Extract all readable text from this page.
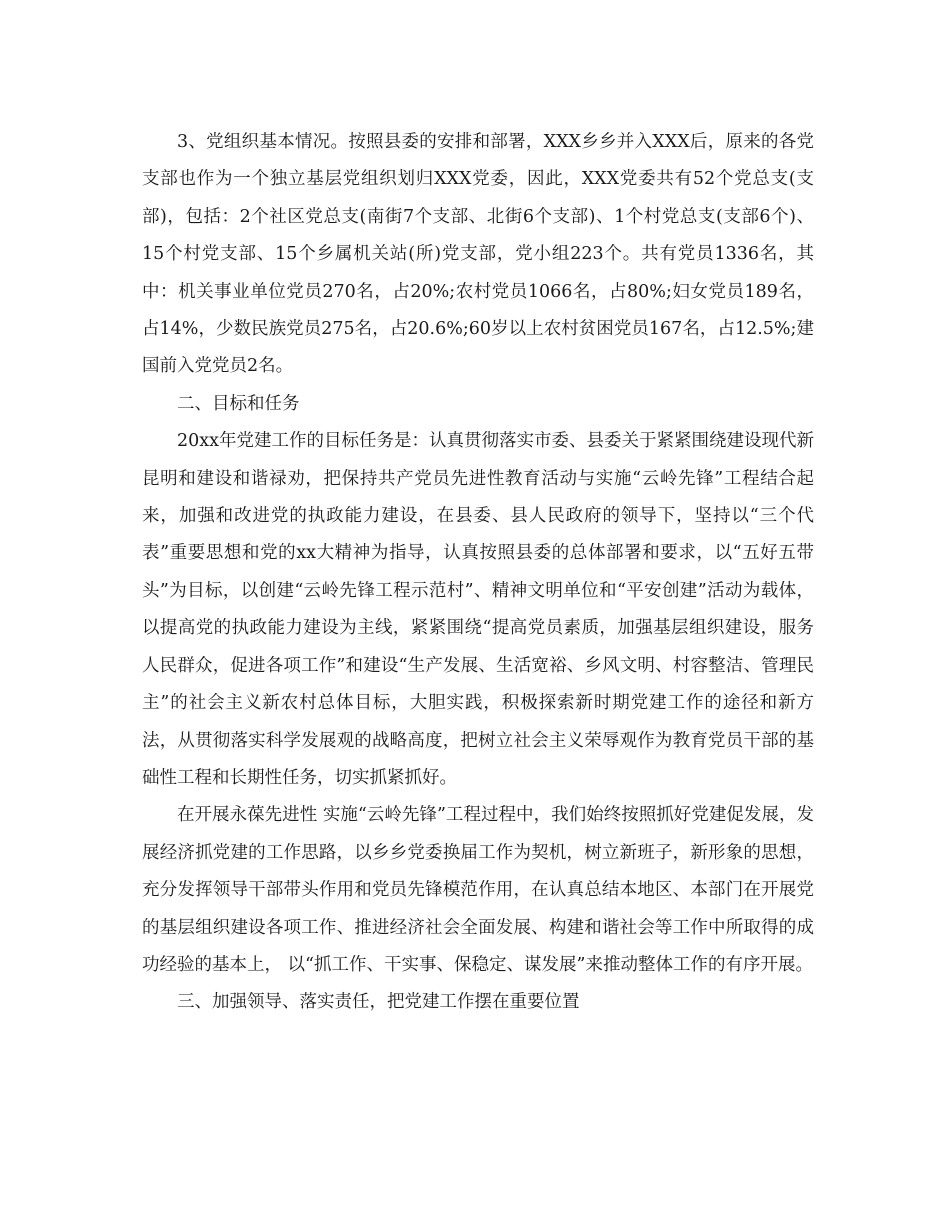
3、党组织基本情况。按照县委的安排和部署，XXX乡乡并入XXX后，原来的各党支部也作为一个独立基层党组织划归XXX党委，因此，XXX党委共有52个党总支(支部)，包括：2个社区党总支(南街7个支部、北街6个支部)、1个村党总支(支部6个)、15个村党支部、15个乡属机关站(所)党支部，党小组223个。共有党员1336名，其中：机关事业单位党员270名，占20%;农村党员1066名，占80%;妇女党员189名，占14%，少数民族党员275名，占20.6%;60岁以上农村贫困党员167名，占12.5%;建国前入党党员2名。

二、目标和任务

20xx年党建工作的目标任务是：认真贯彻落实市委、县委关于紧紧围绕建设现代新昆明和建设和谐禄劝，把保持共产党员先进性教育活动与实施“云岭先锋”工程结合起来，加强和改进党的执政能力建设，在县委、县人民政府的领导下，坚持以“三个代表”重要思想和党的xx大精神为指导，认真按照县委的总体部署和要求，以“五好五带头”为目标，以创建“云岭先锋工程示范村”、精神文明单位和“平安创建”活动为载体，以提高党的执政能力建设为主线，紧紧围绕“提高党员素质，加强基层组织建设，服务人民群众，促进各项工作”和建设“生产发展、生活宽裕、乡风文明、村容整洁、管理民主”的社会主义新农村总体目标，大胆实践，积极探索新时期党建工作的途径和新方法，从贯彻落实科学发展观的战略高度，把树立社会主义荣辱观作为教育党员干部的基础性工程和长期性任务，切实抓紧抓好。

在开展永葆先进性 实施“云岭先锋”工程过程中，我们始终按照抓好党建促发展，发展经济抓党建的工作思路，以乡乡党委换届工作为契机，树立新班子，新形象的思想，充分发挥领导干部带头作用和党员先锋模范作用，在认真总结本地区、本部门在开展党的基层组织建设各项工作、推进经济社会全面发展、构建和谐社会等工作中所取得的成功经验的基本上， 以“抓工作、干实事、保稳定、谋发展”来推动整体工作的有序开展。

三、加强领导、落实责任，把党建工作摆在重要位置
